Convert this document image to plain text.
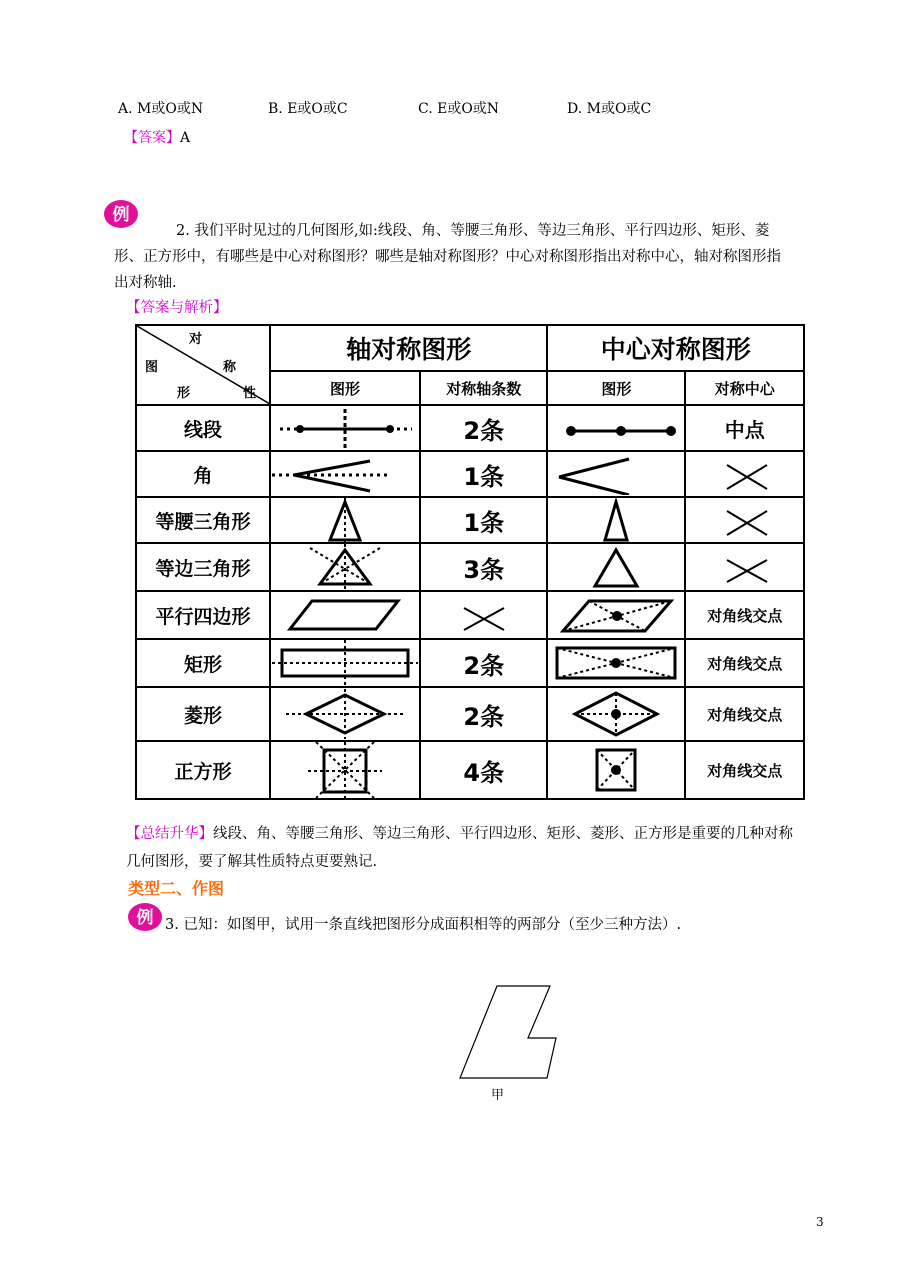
A. M或O或N	B. E或O或C	C. E或O或N	D. M或O或C
【答案】A
例
2. 我们平时见过的几何图形,如:线段、角、等腰三角形、等边三角形、平行四边形、矩形、菱形、正方形中，有哪些是中心对称图形？哪些是轴对称图形？中心对称图形指出对称中心，轴对称图形指出对称轴.
【答案与解析】
对
图 称
形 性	轴对称图形		中心对称图形	
	图形	对称轴条数	图形	对称中心
线段		2条		中点
角		1条	

等腰三角形		1条	

等边三角形		3条	

平行四边形				对角线交点
矩形		2条		对角线交点
菱形		2条		对角线交点
正方形		4条		对角线交点
【总结升华】线段、角、等腰三角形、等边三角形、平行四边形、矩形、菱形、正方形是重要的几种对称几何图形，要了解其性质特点更要熟记.
类型二、作图
例 3. 已知：如图甲，试用一条直线把图形分成面积相等的两部分（至少三种方法）.
甲
3
